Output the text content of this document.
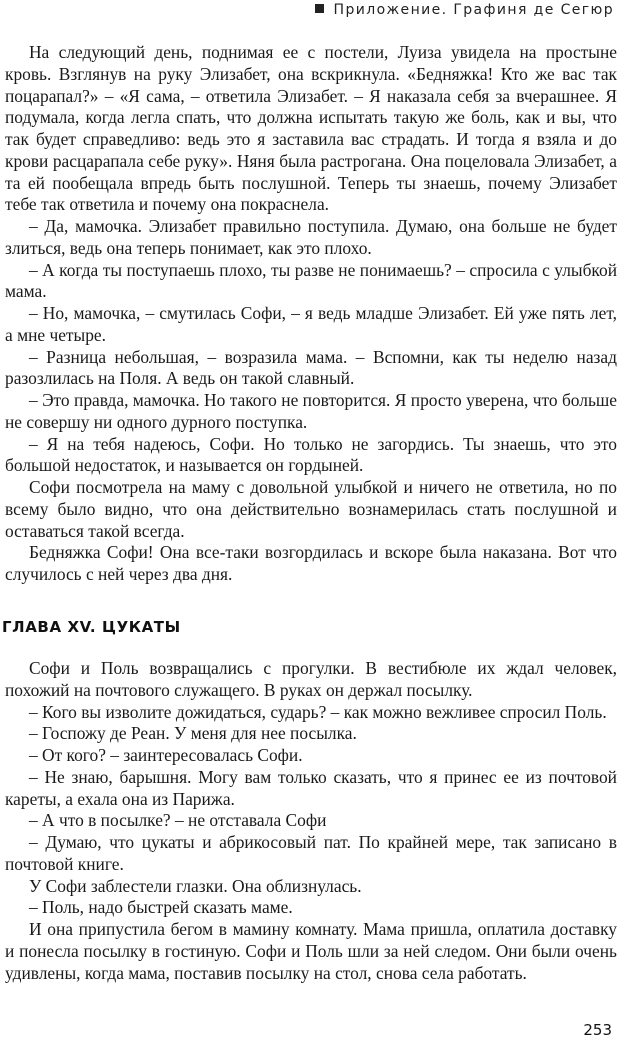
Приложение. Графиня де Сегюр

На следующий день, поднимая ее с постели, Луиза увидела на простыне кровь. Взглянув на руку Элизабет, она вскрикнула. «Бедняжка! Кто же вас так поцарапал?» – «Я сама, – ответила Элизабет. – Я наказала себя за вчерашнее. Я подумала, когда легла спать, что должна испытать такую же боль, как и вы, что так будет справедливо: ведь это я заставила вас страдать. И тогда я взяла и до крови расцарапала себе руку». Няня была растрогана. Она поцеловала Элизабет, а та ей пообещала впредь быть послушной. Теперь ты знаешь, почему Элизабет тебе так ответила и почему она покраснела.

– Да, мамочка. Элизабет правильно поступила. Думаю, она больше не будет злиться, ведь она теперь понимает, как это плохо.

– А когда ты поступаешь плохо, ты разве не понимаешь? – спросила с улыбкой мама.

– Но, мамочка, – смутилась Софи, – я ведь младше Элизабет. Ей уже пять лет, а мне четыре.

– Разница небольшая, – возразила мама. – Вспомни, как ты неделю назад разозлилась на Поля. А ведь он такой славный.

– Это правда, мамочка. Но такого не повторится. Я просто уверена, что больше не совершу ни одного дурного поступка.

– Я на тебя надеюсь, Софи. Но только не загордись. Ты знаешь, что это большой недостаток, и называется он гордыней.

Софи посмотрела на маму с довольной улыбкой и ничего не ответила, но по всему было видно, что она действительно вознамерилась стать послушной и оставаться такой всегда.

Бедняжка Софи! Она все-таки возгордилась и вскоре была наказана. Вот что случилось с ней через два дня.

ГЛАВА XV. ЦУКАТЫ

Софи и Поль возвращались с прогулки. В вестибюле их ждал человек, похожий на почтового служащего. В руках он держал посылку.

– Кого вы изволите дожидаться, сударь? – как можно вежливее спросил Поль.

– Госпожу де Реан. У меня для нее посылка.

– От кого? – заинтересовалась Софи.

– Не знаю, барышня. Могу вам только сказать, что я принес ее из почтовой кареты, а ехала она из Парижа.

– А что в посылке? – не отставала Софи

– Думаю, что цукаты и абрикосовый пат. По крайней мере, так записано в почтовой книге.

У Софи заблестели глазки. Она облизнулась.

– Поль, надо быстрей сказать маме.

И она припустила бегом в мамину комнату. Мама пришла, оплатила доставку и понесла посылку в гостиную. Софи и Поль шли за ней следом. Они были очень удивлены, когда мама, поставив посылку на стол, снова села работать.

253
